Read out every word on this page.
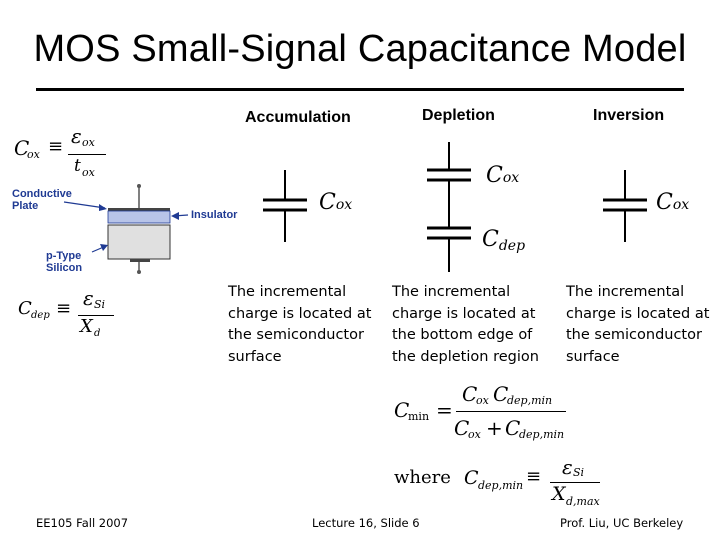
MOS Small-Signal Capacitance Model
C
ox ≡ ε ox
t ox
Conductive
Plate
Insulator
p-Type
Silicon
C dep ≡ ε Si
X d
Accumulation	Depletion	Inversion
Cox
Cox
Cdep
Cox
The incremental
charge is located at
the semiconductor
surface
The incremental
charge is located at
the bottom edge of
the depletion region
The incremental
charge is located at
the semiconductor
surface
C
min =
C
ox C
dep,min
C
ox + C
dep,min
where C dep,min ≡ ε Si
X d,max
EE105 Fall 2007	Lecture 16, Slide 6	Prof. Liu, UC Berkeley
